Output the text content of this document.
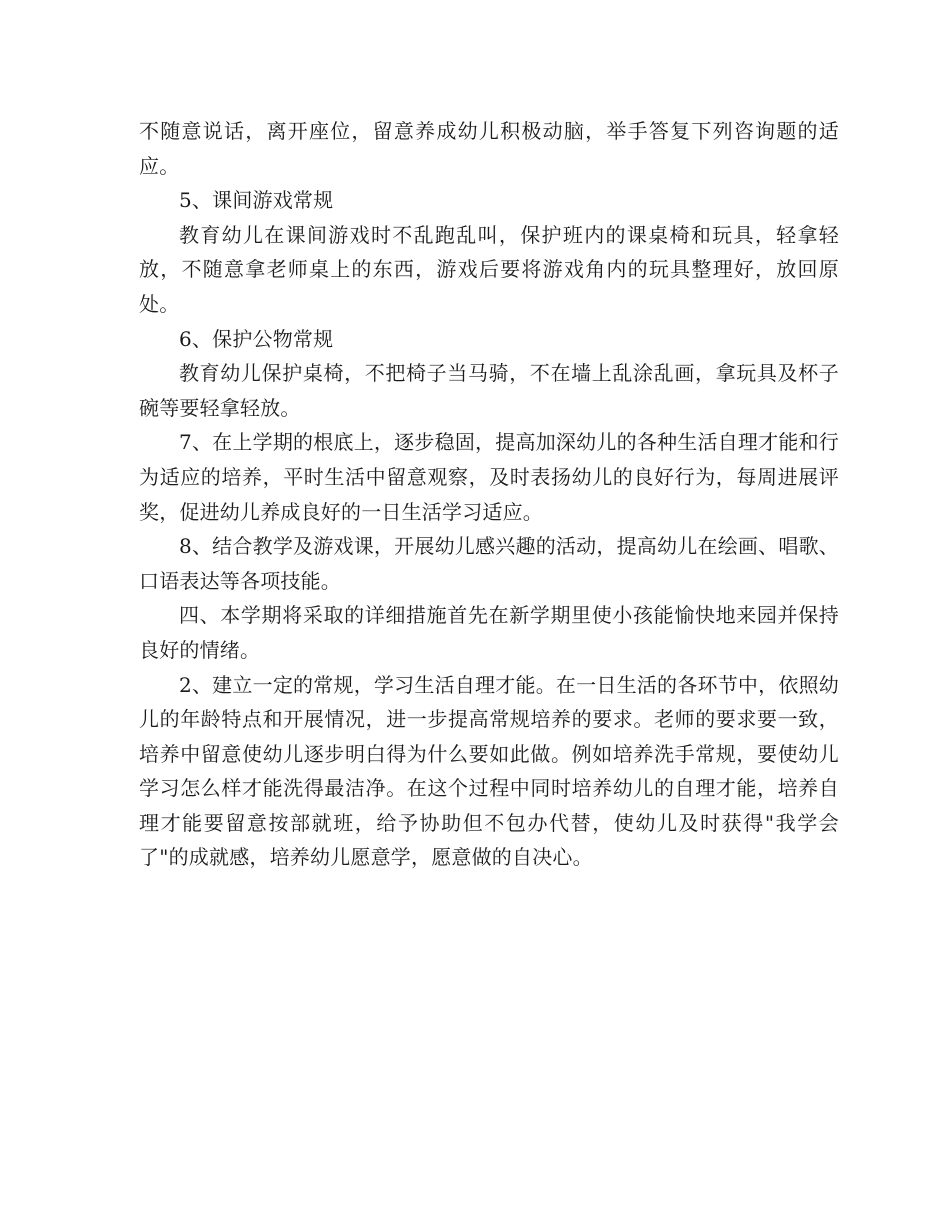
不随意说话，离开座位，留意养成幼儿积极动脑，举手答复下列咨询题的适应。

5、课间游戏常规

教育幼儿在课间游戏时不乱跑乱叫，保护班内的课桌椅和玩具，轻拿轻放，不随意拿老师桌上的东西，游戏后要将游戏角内的玩具整理好，放回原处。

6、保护公物常规

教育幼儿保护桌椅，不把椅子当马骑，不在墙上乱涂乱画，拿玩具及杯子碗等要轻拿轻放。

7、在上学期的根底上，逐步稳固，提高加深幼儿的各种生活自理才能和行为适应的培养，平时生活中留意观察，及时表扬幼儿的良好行为，每周进展评奖，促进幼儿养成良好的一日生活学习适应。

8、结合教学及游戏课，开展幼儿感兴趣的活动，提高幼儿在绘画、唱歌、口语表达等各项技能。

四、本学期将采取的详细措施首先在新学期里使小孩能愉快地来园并保持良好的情绪。

2、建立一定的常规，学习生活自理才能。在一日生活的各环节中，依照幼儿的年龄特点和开展情况，进一步提高常规培养的要求。老师的要求要一致，培养中留意使幼儿逐步明白得为什么要如此做。例如培养洗手常规，要使幼儿学习怎么样才能洗得最洁净。在这个过程中同时培养幼儿的自理才能，培养自理才能要留意按部就班，给予协助但不包办代替，使幼儿及时获得"我学会了"的成就感，培养幼儿愿意学，愿意做的自决心。
